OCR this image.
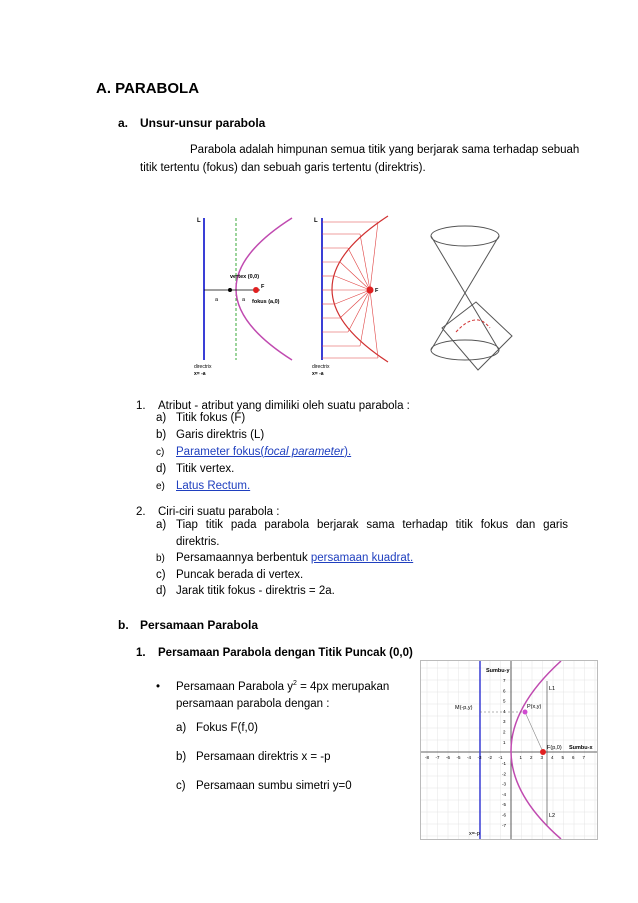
A. PARABOLA
a. Unsur-unsur parabola
Parabola adalah himpunan semua titik yang berjarak sama terhadap sebuah
titik tertentu (fokus) dan sebuah garis tertentu (direktris).
L
vertex (0,0)
F
fokus (a,0)
a	a
directrix
x= -a
L
F
directrix
x= -a
1. Atribut - atribut yang dimiliki oleh suatu parabola :
a) Titik fokus (F)
b) Garis direktris (L)
c) Parameter fokus(focal parameter).
d) Titik vertex.
e) Latus Rectum.
2. Ciri-ciri suatu parabola :
a) Tiap titik pada parabola berjarak sama terhadap titik fokus dan garis
direktris.
b) Persamaannya berbentuk persamaan kuadrat.
c) Puncak berada di vertex.
d) Jarak titik fokus - direktris = 2a.
b. Persamaan Parabola
1. Persamaan Parabola dengan Titik Puncak (0,0)
• Persamaan Parabola $y^2 = 4px$ merupakan
persamaan parabola dengan :
a) Fokus F(f,0)
b) Persamaan direktris x = -p
c) Persamaan sumbu simetri y=0
Sumbu-y
Sumbu-x
L1
L2
M(-p,y)	P(x,y)
F(p,0)
x=-p
-8 -7 -6 -5 -4 -3 -2 -1	1 2 3 4 5 6 7
7
6
5
4
3
2
1
-1
-2
-3
-4
-5
-6
-7
